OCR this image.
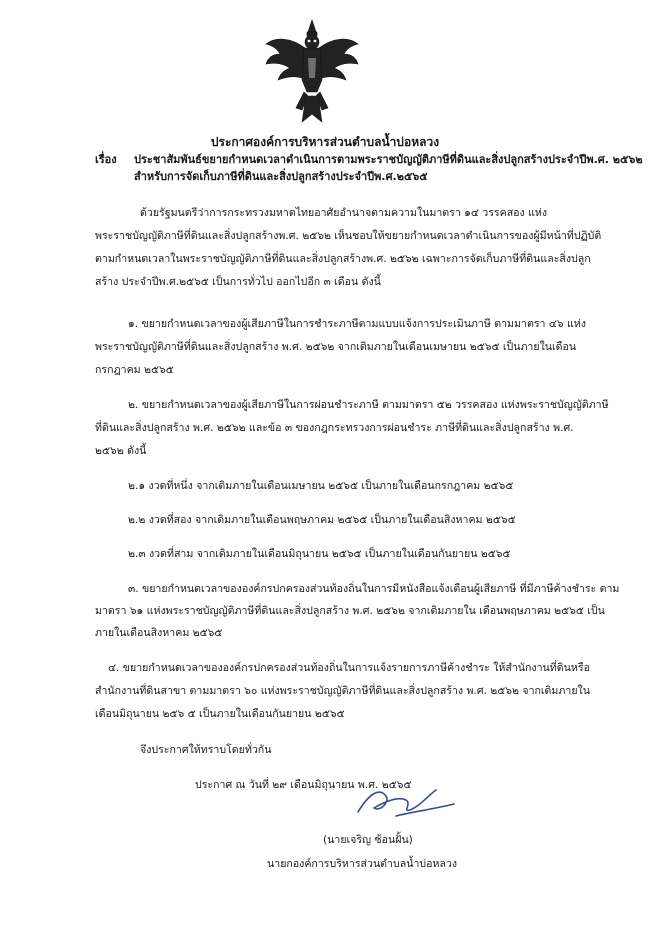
ประกาศองค์การบริหารส่วนตำบลน้ำบ่อหลวง
เรื่อง ประชาสัมพันธ์ขยายกำหนดเวลาดำเนินการตามพระราชบัญญัติภาษีที่ดินและสิ่งปลูกสร้างประจำปีพ.ศ. ๒๕๖๒
สำหรับการจัดเก็บภาษีที่ดินและสิ่งปลูกสร้างประจำปีพ.ศ.๒๕๖๕
ด้วยรัฐมนตรีว่าการกระทรวงมหาดไทยอาศัยอำนาจตามความในมาตรา ๑๔ วรรคสอง แห่ง
พระราชบัญญัติภาษีที่ดินและสิ่งปลูกสร้างพ.ศ. ๒๕๖๒ เห็นชอบให้ขยายกำหนดเวลาดำเนินการของผู้มีหน้าที่ปฏิบัติ
ตามกำหนดเวลาในพระราชบัญญัติภาษีที่ดินและสิ่งปลูกสร้างพ.ศ. ๒๕๖๒ เฉพาะการจัดเก็บภาษีที่ดินและสิ่งปลูก
สร้าง ประจำปีพ.ศ.๒๕๖๕ เป็นการทั่วไป ออกไปอีก ๓ เดือน ดังนี้
๑. ขยายกำหนดเวลาของผู้เสียภาษีในการชำระภาษีตามแบบแจ้งการประเมินภาษี ตามมาตรา ๔๖ แห่ง
พระราชบัญญัติภาษีที่ดินและสิ่งปลูกสร้าง พ.ศ. ๒๕๖๒ จากเดิมภายในเดือนเมษายน ๒๕๖๕ เป็นภายในเดือน
กรกฎาคม ๒๕๖๕
๒. ขยายกำหนดเวลาของผู้เสียภาษีในการผ่อนชำระภาษี ตามมาตรา ๕๒ วรรคสอง แห่งพระราชบัญญัติภาษี
ที่ดินและสิ่งปลูกสร้าง พ.ศ. ๒๕๖๒ และข้อ ๓ ของกฎกระทรวงการผ่อนชำระ ภาษีที่ดินและสิ่งปลูกสร้าง พ.ศ.
๒๕๖๒ ดังนี้
๒.๑ งวดที่หนึ่ง จากเดิมภายในเดือนเมษายน ๒๕๖๕ เป็นภายในเดือนกรกฎาคม ๒๕๖๕
๒.๒ งวดที่สอง จากเดิมภายในเดือนพฤษภาคม ๒๕๖๕ เป็นภายในเดือนสิงหาคม ๒๕๖๕
๒.๓ งวดที่สาม จากเดิมภายในเดือนมิถุนายน ๒๕๖๕ เป็นภายในเดือนกันยายน ๒๕๖๕
๓. ขยายกำหนดเวลาขององค์กรปกครองส่วนท้องถิ่นในการมีหนังสือแจ้งเตือนผู้เสียภาษี ที่มีภาษีค้างชำระ ตาม
มาตรา ๖๑ แห่งพระราชบัญญัติภาษีที่ดินและสิ่งปลูกสร้าง พ.ศ. ๒๕๖๒ จากเดิมภายใน เดือนพฤษภาคม ๒๕๖๕ เป็น
ภายในเดือนสิงหาคม ๒๕๖๕
๔. ขยายกำหนดเวลาขององค์กรปกครองส่วนท้องถิ่นในการแจ้งรายการภาษีค้างชำระ ให้สำนักงานที่ดินหรือ
สำนักงานที่ดินสาขา ตามมาตรา ๖๐ แห่งพระราชบัญญัติภาษีที่ดินและสิ่งปลูกสร้าง พ.ศ. ๒๕๖๒ จากเดิมภายใน
เดือนมิถุนายน ๒๕๖ ๕ เป็นภายในเดือนกันยายน ๒๕๖๕
จึงประกาศให้ทราบโดยทั่วกัน
ประกาศ ณ วันที่ ๒๙ เดือนมิถุนายน พ.ศ. ๒๕๖๕
(นายเจริญ ซ้อนฝั้น)
นายกองค์การบริหารส่วนตำบลน้ำบ่อหลวง
